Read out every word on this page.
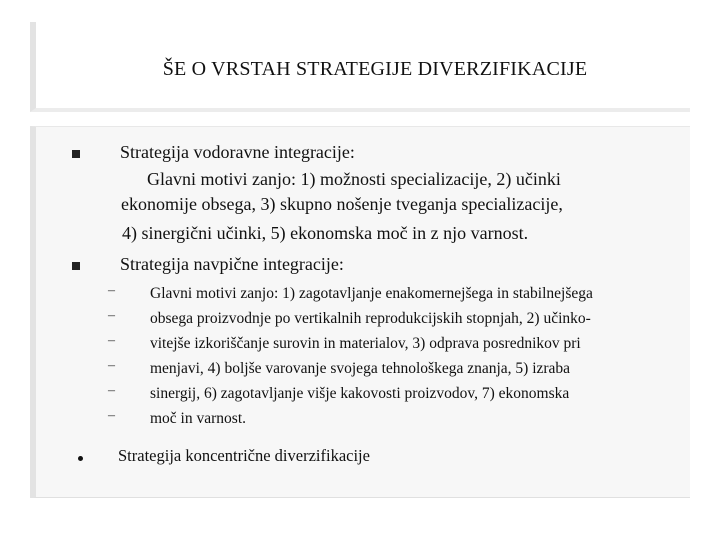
ŠE O VRSTAH STRATEGIJE DIVERZIFIKACIJE
Strategija vodoravne integracije:
Glavni motivi zanjo: 1) možnosti specializacije, 2) učinki
ekonomije obsega, 3) skupno nošenje tveganja specializacije,
4) sinergični učinki, 5) ekonomska moč in z njo varnost.
Strategija navpične integracije:
– Glavni motivi zanjo: 1) zagotavljanje enakomernejšega in stabilnejšega
– obsega proizvodnje po vertikalnih reprodukcijskih stopnjah, 2) učinko-
– vitejše izkoriščanje surovin in materialov, 3) odprava posrednikov pri
– menjavi, 4) boljše varovanje svojega tehnološkega znanja, 5) izraba
– sinergij, 6) zagotavljanje višje kakovosti proizvodov, 7) ekonomska
– moč in varnost.
Strategija koncentrične diverzifikacije
